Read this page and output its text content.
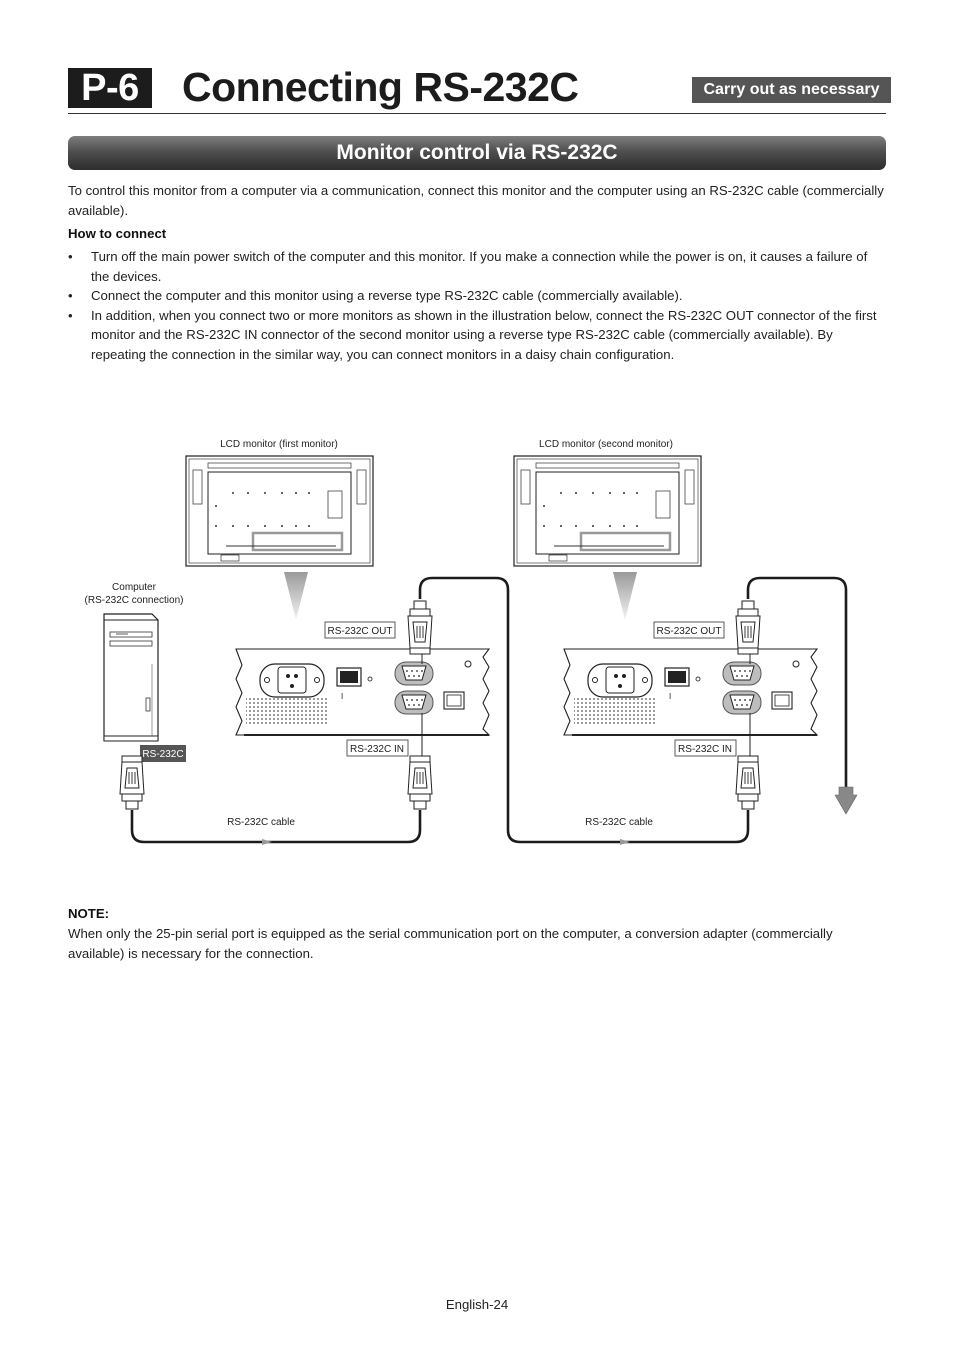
P-6	Connecting RS-232C	Carry out as necessary
Monitor control via RS-232C
To control this monitor from a computer via a communication, connect this monitor and the computer using an RS-232C cable (commercially available).
How to connect
• Turn off the main power switch of the computer and this monitor. If you make a connection while the power is on, it causes a failure of the devices.
• Connect the computer and this monitor using a reverse type RS-232C cable (commercially available).
• In addition, when you connect two or more monitors as shown in the illustration below, connect the RS-232C OUT connector of the first monitor and the RS-232C IN connector of the second monitor using a reverse type RS-232C cable (commercially available). By repeating the connection in the similar way, you can connect monitors in a daisy chain configuration.
I
LCD monitor (first monitor)	LCD monitor (second monitor)
Computer
(RS-232C connection)
RS-232C
RS-232C OUT	RS-232C OUT
RS-232C IN	RS-232C IN
RS-232C cable	RS-232C cable
NOTE:
When only the 25-pin serial port is equipped as the serial communication port on the computer, a conversion adapter (commercially available) is necessary for the connection.
English-24
